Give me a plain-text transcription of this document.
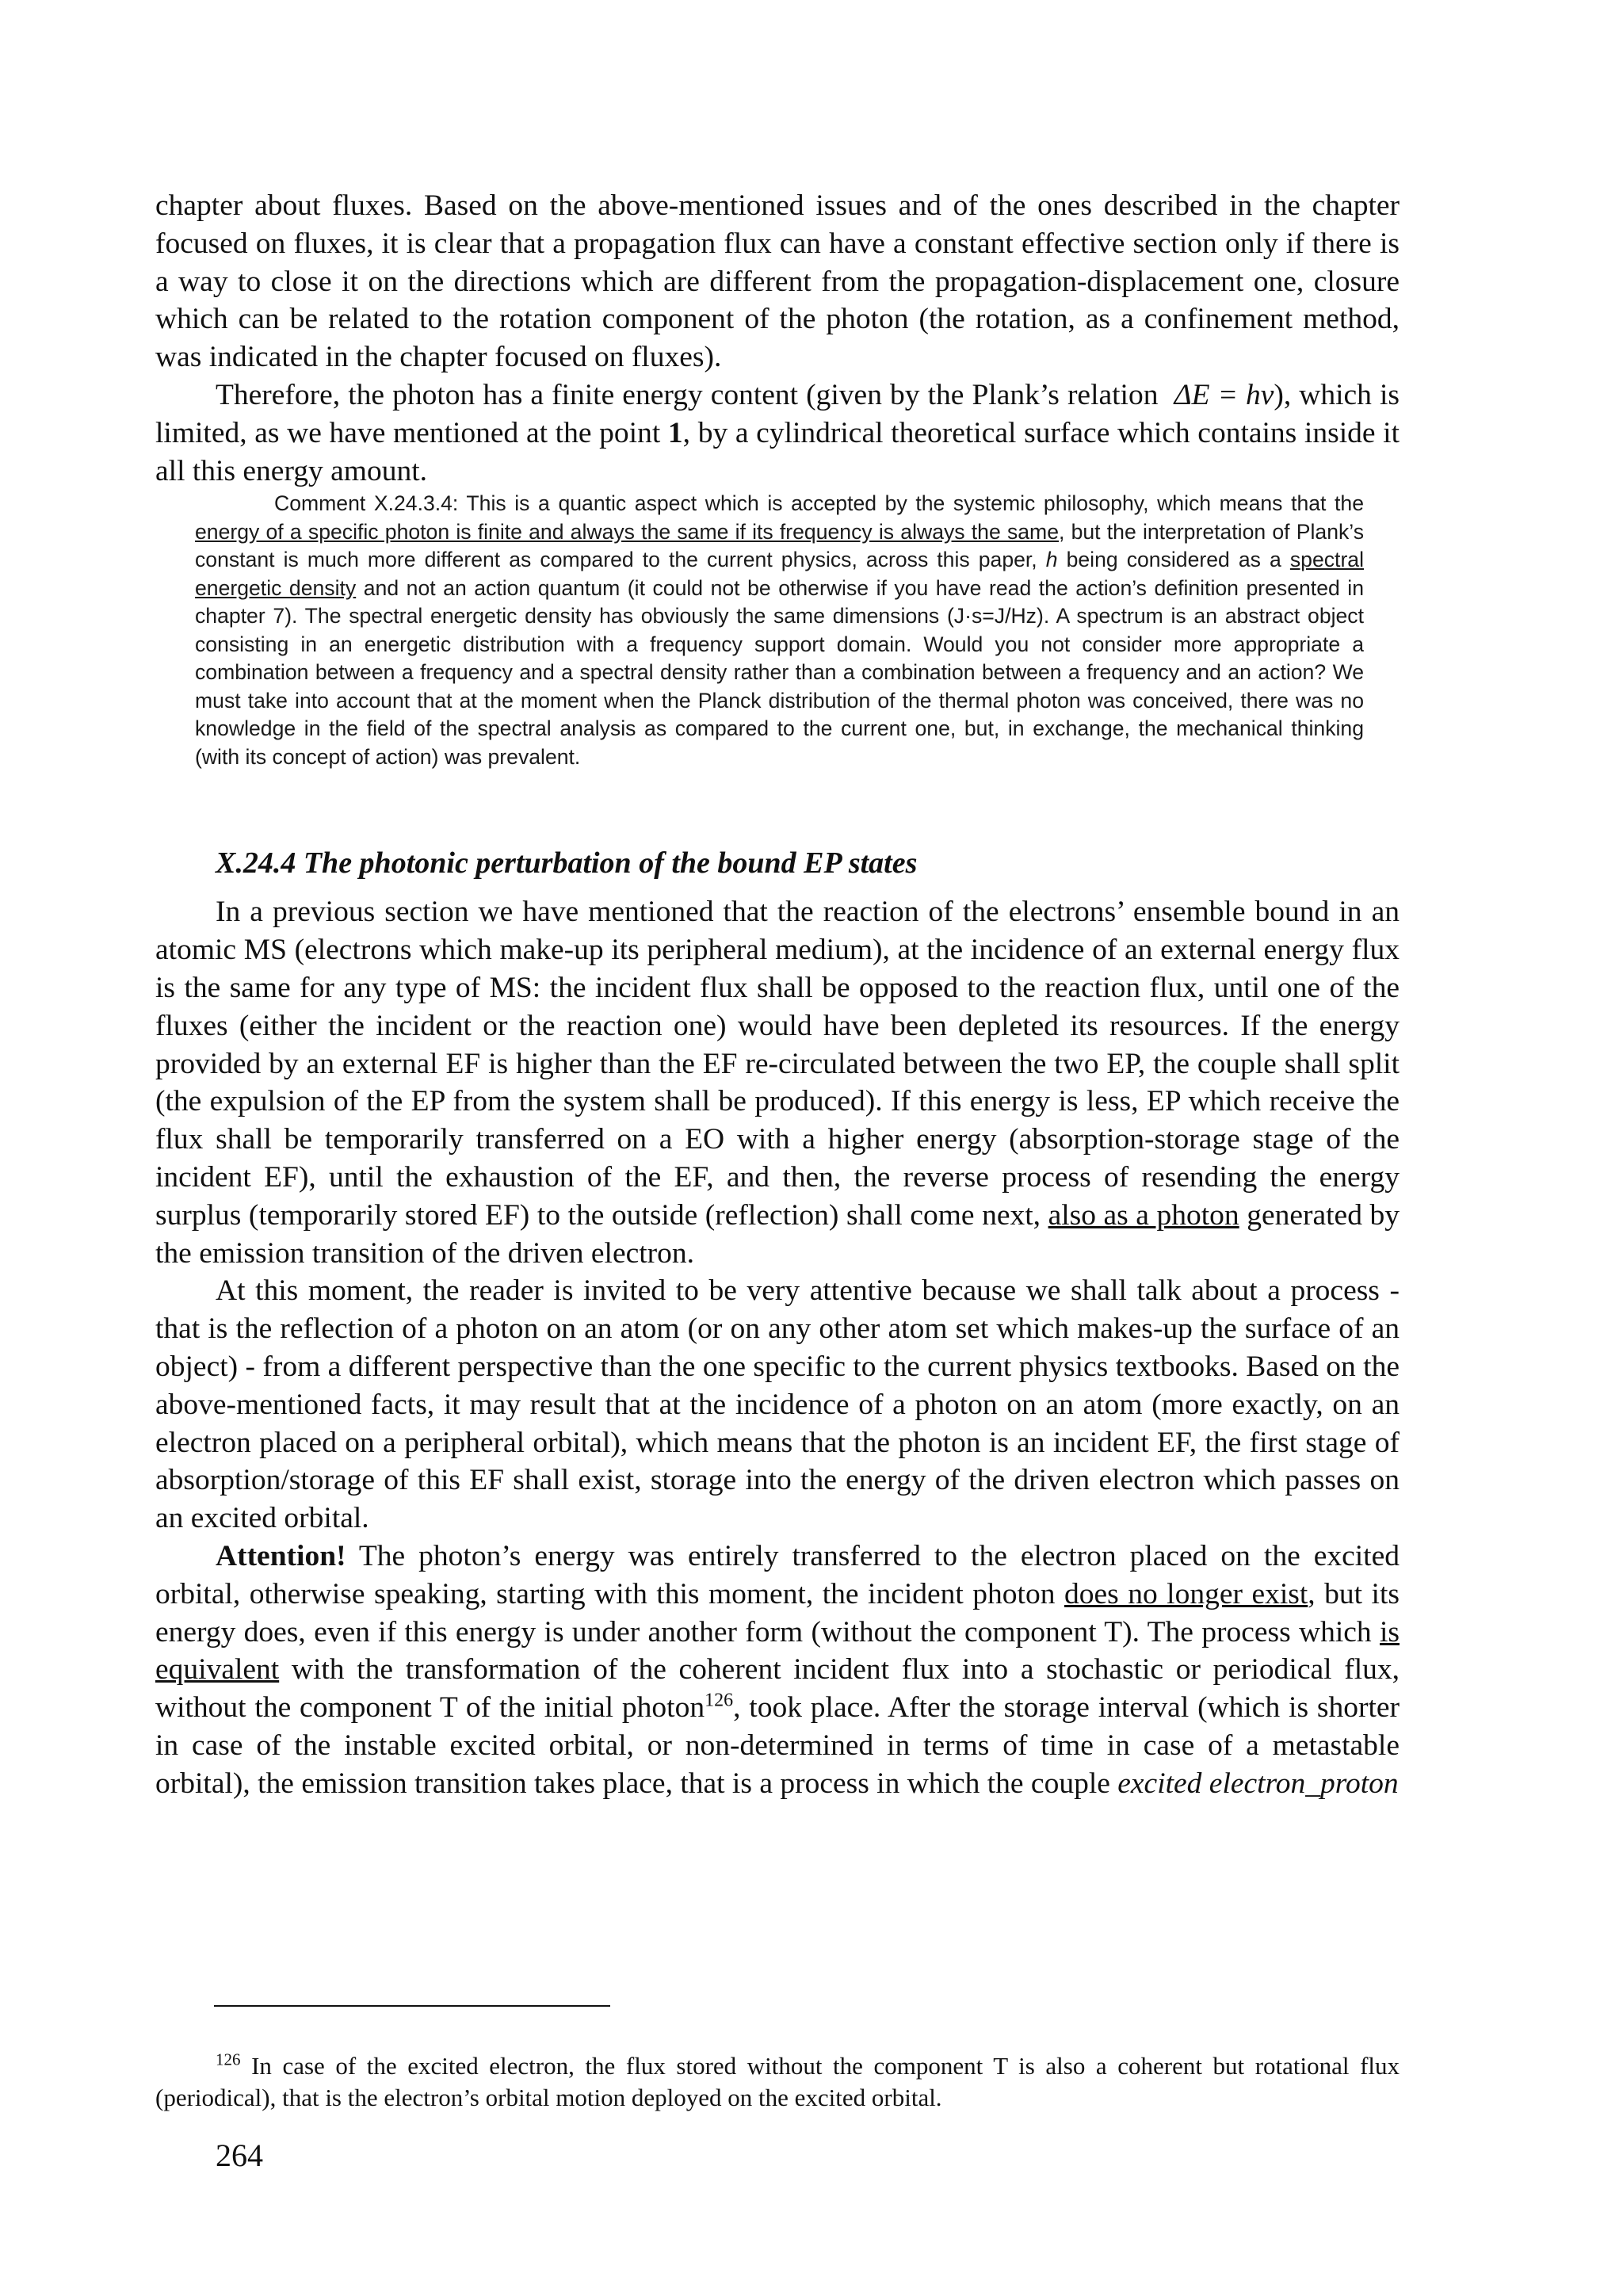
chapter about fluxes. Based on the above-mentioned issues and of the ones described in the chapter focused on fluxes, it is clear that a propagation flux can have a constant effective section only if there is a way to close it on the directions which are different from the propagation-displacement one, closure which can be related to the rotation component of the photon (the rotation, as a confinement method, was indicated in the chapter focused on fluxes).

Therefore, the photon has a finite energy content (given by the Plank’s relation ΔE = hν), which is limited, as we have mentioned at the point 1, by a cylindrical theoretical surface which contains inside it all this energy amount.

Comment X.24.3.4: This is a quantic aspect which is accepted by the systemic philosophy, which means that the energy of a specific photon is finite and always the same if its frequency is always the same, but the interpretation of Plank’s constant is much more different as compared to the current physics, across this paper, h being considered as a spectral energetic density and not an action quantum (it could not be otherwise if you have read the action’s definition presented in chapter 7). The spectral energetic density has obviously the same dimensions (J·s=J/Hz). A spectrum is an abstract object consisting in an energetic distribution with a frequency support domain. Would you not consider more appropriate a combination between a frequency and a spectral density rather than a combination between a frequency and an action? We must take into account that at the moment when the Planck distribution of the thermal photon was conceived, there was no knowledge in the field of the spectral analysis as compared to the current one, but, in exchange, the mechanical thinking (with its concept of action) was prevalent.

X.24.4 The photonic perturbation of the bound EP states

In a previous section we have mentioned that the reaction of the electrons’ ensemble bound in an atomic MS (electrons which make-up its peripheral medium), at the incidence of an external energy flux is the same for any type of MS: the incident flux shall be opposed to the reaction flux, until one of the fluxes (either the incident or the reaction one) would have been depleted its resources. If the energy provided by an external EF is higher than the EF re-circulated between the two EP, the couple shall split (the expulsion of the EP from the system shall be produced). If this energy is less, EP which receive the flux shall be temporarily transferred on a EO with a higher energy (absorption-storage stage of the incident EF), until the exhaustion of the EF, and then, the reverse process of resending the energy surplus (temporarily stored EF) to the outside (reflection) shall come next, also as a photon generated by the emission transition of the driven electron.

At this moment, the reader is invited to be very attentive because we shall talk about a process - that is the reflection of a photon on an atom (or on any other atom set which makes-up the surface of an object) - from a different perspective than the one specific to the current physics textbooks. Based on the above-mentioned facts, it may result that at the incidence of a photon on an atom (more exactly, on an electron placed on a peripheral orbital), which means that the photon is an incident EF, the first stage of absorption/storage of this EF shall exist, storage into the energy of the driven electron which passes on an excited orbital.

Attention! The photon’s energy was entirely transferred to the electron placed on the excited orbital, otherwise speaking, starting with this moment, the incident photon does no longer exist, but its energy does, even if this energy is under another form (without the component T). The process which is equivalent with the transformation of the coherent incident flux into a stochastic or periodical flux, without the component T of the initial photon$^{126}$, took place. After the storage interval (which is shorter in case of the instable excited orbital, or non-determined in terms of time in case of a metastable orbital), the emission transition takes place, that is a process in which the couple excited electron_proton

$^{126}$ In case of the excited electron, the flux stored without the component T is also a coherent but rotational flux (periodical), that is the electron’s orbital motion deployed on the excited orbital.

264
